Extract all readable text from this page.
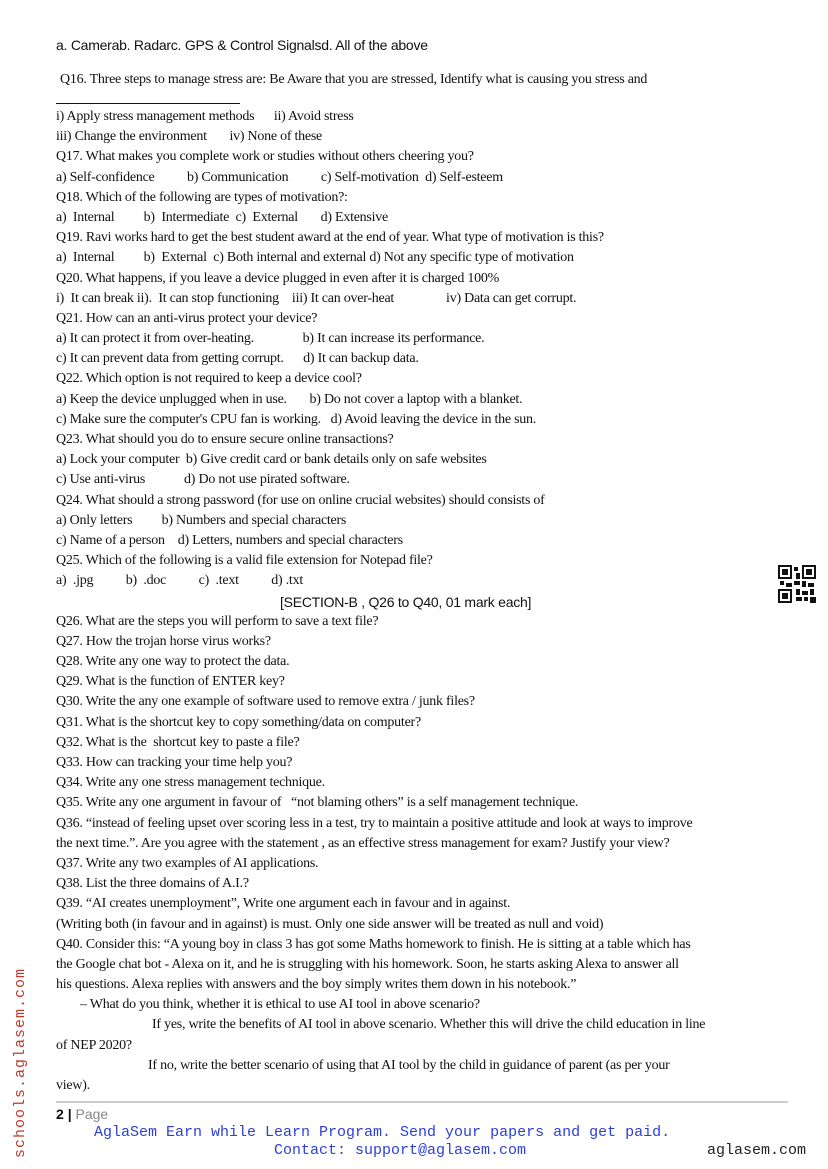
a. Camerab. Radarc. GPS & Control Signalsd. All of the above
Q16. Three steps to manage stress are: Be Aware that you are stressed, Identify what is causing you stress and
i) Apply stress management methods      ii) Avoid stress
iii) Change the environment       iv) None of these
Q17. What makes you complete work or studies without others cheering you?
a) Self-confidence          b) Communication          c) Self-motivation  d) Self-esteem
Q18. Which of the following are types of motivation?:
a)  Internal         b)  Intermediate  c)  External       d) Extensive
Q19. Ravi works hard to get the best student award at the end of year. What type of motivation is this?
a)  Internal         b)  External  c) Both internal and external d) Not any specific type of motivation
Q20. What happens, if you leave a device plugged in even after it is charged 100%
i)  It can break ii).  It can stop functioning    iii) It can over-heat                iv) Data can get corrupt.
Q21. How can an anti-virus protect your device?
a) It can protect it from over-heating.               b) It can increase its performance.
c) It can prevent data from getting corrupt.      d) It can backup data.
Q22. Which option is not required to keep a device cool?
a) Keep the device unplugged when in use.       b) Do not cover a laptop with a blanket.
c) Make sure the computer's CPU fan is working.   d) Avoid leaving the device in the sun.
Q23. What should you do to ensure secure online transactions?
a) Lock your computer  b) Give credit card or bank details only on safe websites
c) Use anti-virus            d) Do not use pirated software.
Q24. What should a strong password (for use on online crucial websites) should consists of
a) Only letters         b) Numbers and special characters
c) Name of a person    d) Letters, numbers and special characters
Q25. Which of the following is a valid file extension for Notepad file?
a)  .jpg          b)  .doc          c)  .text          d) .txt
[SECTION-B , Q26 to Q40, 01 mark each]
Q26. What are the steps you will perform to save a text file?
Q27. How the trojan horse virus works?
Q28. Write any one way to protect the data.
Q29. What is the function of ENTER key?
Q30. Write the any one example of software used to remove extra / junk files?
Q31. What is the shortcut key to copy something/data on computer?
Q32. What is the  shortcut key to paste a file?
Q33. How can tracking your time help you?
Q34. Write any one stress management technique.
Q35. Write any one argument in favour of   “not blaming others” is a self management technique.
Q36. “instead of feeling upset over scoring less in a test, try to maintain a positive attitude and look at ways to improve
the next time.”. Are you agree with the statement , as an effective stress management for exam? Justify your view?
Q37. Write any two examples of AI applications.
Q38. List the three domains of A.I.?
Q39. “AI creates unemployment”, Write one argument each in favour and in against.
(Writing both (in favour and in against) is must. Only one side answer will be treated as null and void)
Q40. Consider this: “A young boy in class 3 has got some Maths homework to finish. He is sitting at a table which has
the Google chat bot - Alexa on it, and he is struggling with his homework. Soon, he starts asking Alexa to answer all
his questions. Alexa replies with answers and the boy simply writes them down in his notebook.”
– What do you think, whether it is ethical to use AI tool in above scenario?
If yes, write the benefits of AI tool in above scenario. Whether this will drive the child education in line
of NEP 2020?
If no, write the better scenario of using that AI tool by the child in guidance of parent (as per your
view).
schools.aglasem.com 2 | Page
AglaSem Earn while Learn Program. Send your papers and get paid.
Contact: support@aglasem.com	aglasem.com
